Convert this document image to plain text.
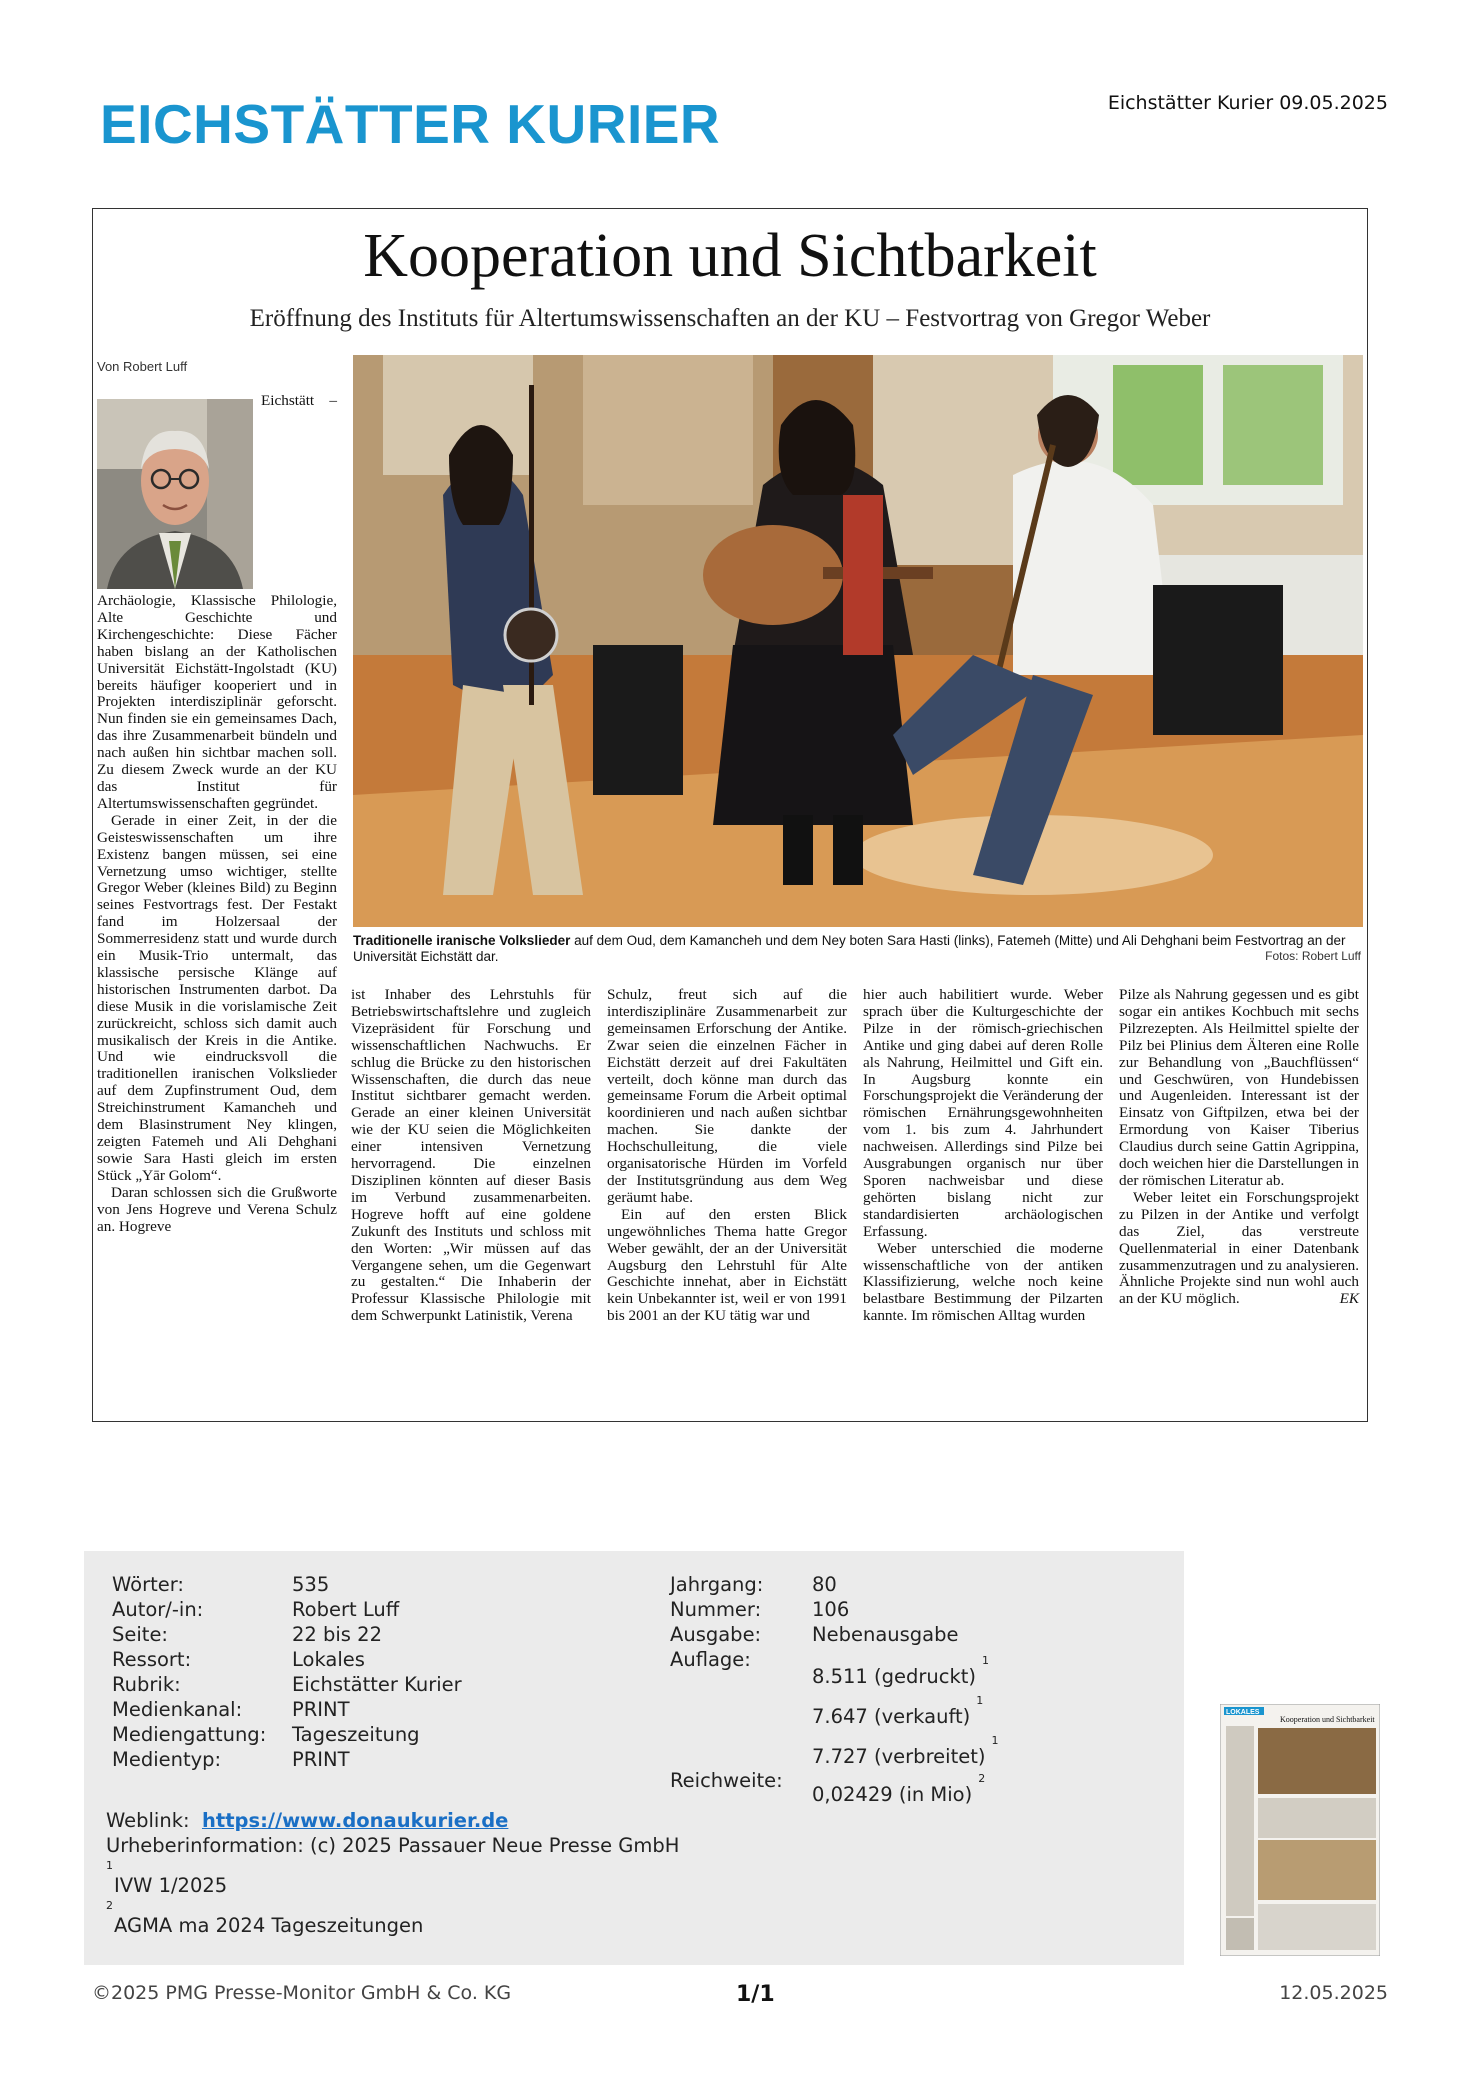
EICHSTÄTTER KURIER	Eichstätter Kurier 09.05.2025
Kooperation und Sichtbarkeit
Eröffnung des Instituts für Altertumswissenschaften an der KU – Festvortrag von Gregor Weber
Von Robert Luff

Eichstätt – Archäologie, Klassische Philologie, Alte Geschichte und Kirchengeschichte: Diese Fächer haben bislang an der Katholischen Universität Eichstätt-Ingolstadt (KU) bereits häufiger kooperiert und in Projekten interdisziplinär geforscht. Nun finden sie ein gemeinsames Dach, das ihre Zusammenarbeit bündeln und nach außen hin sichtbar machen soll. Zu diesem Zweck wurde an der KU das Institut für Altertumswissenschaften gegründet.

Gerade in einer Zeit, in der die Geisteswissenschaften um ihre Existenz bangen müssen, sei eine Vernetzung umso wichtiger, stellte Gregor Weber (kleines Bild) zu Beginn seines Festvortrags fest. Der Festakt fand im Holzersaal der Sommerresidenz statt und wurde durch ein Musik-Trio untermalt, das klassische persische Klänge auf historischen Instrumenten darbot. Da diese Musik in die vorislamische Zeit zurückreicht, schloss sich damit auch musikalisch der Kreis in die Antike. Und wie eindrucksvoll die traditionellen iranischen Volkslieder auf dem Zupfinstrument Oud, dem Streichinstrument Kamancheh und dem Blasinstrument Ney klingen, zeigten Fatemeh und Ali Dehghani sowie Sara Hasti gleich im ersten Stück „Yār Golom“.

Daran schlossen sich die Grußworte von Jens Hogreve und Verena Schulz an. Hogreve

Traditionelle iranische Volkslieder auf dem Oud, dem Kamancheh und dem Ney boten Sara Hasti (links), Fatemeh (Mitte) und Ali Dehghani beim Festvortrag an der Universität Eichstätt dar.	Fotos: Robert Luff

ist Inhaber des Lehrstuhls für Betriebswirtschaftslehre und zugleich Vizepräsident für Forschung und wissenschaftlichen Nachwuchs. Er schlug die Brücke zu den historischen Wissenschaften, die durch das neue Institut sichtbarer gemacht werden. Gerade an einer kleinen Universität wie der KU seien die Möglichkeiten einer intensiven Vernetzung hervorragend. Die einzelnen Disziplinen könnten auf dieser Basis im Verbund zusammenarbeiten. Hogreve hofft auf eine goldene Zukunft des Instituts und schloss mit den Worten: „Wir müssen auf das Vergangene sehen, um die Gegenwart zu gestalten.“ Die Inhaberin der Professur Klassische Philologie mit dem Schwerpunkt Latinistik, Verena

Schulz, freut sich auf die interdisziplinäre Zusammenarbeit zur gemeinsamen Erforschung der Antike. Zwar seien die einzelnen Fächer in Eichstätt derzeit auf drei Fakultäten verteilt, doch könne man durch das gemeinsame Forum die Arbeit optimal koordinieren und nach außen sichtbar machen. Sie dankte der Hochschulleitung, die viele organisatorische Hürden im Vorfeld der Institutsgründung aus dem Weg geräumt habe.

Ein auf den ersten Blick ungewöhnliches Thema hatte Gregor Weber gewählt, der an der Universität Augsburg den Lehrstuhl für Alte Geschichte innehat, aber in Eichstätt kein Unbekannter ist, weil er von 1991 bis 2001 an der KU tätig war und

hier auch habilitiert wurde. Weber sprach über die Kulturgeschichte der Pilze in der römisch-griechischen Antike und ging dabei auf deren Rolle als Nahrung, Heilmittel und Gift ein. In Augsburg konnte ein Forschungsprojekt die Veränderung der römischen Ernährungsgewohnheiten vom 1. bis zum 4. Jahrhundert nachweisen. Allerdings sind Pilze bei Ausgrabungen organisch nur über Sporen nachweisbar und diese gehörten bislang nicht zur standardisierten archäologischen Erfassung.

Weber unterschied die moderne wissenschaftliche von der antiken Klassifizierung, welche noch keine belastbare Bestimmung der Pilzarten kannte. Im römischen Alltag wurden

Pilze als Nahrung gegessen und es gibt sogar ein antikes Kochbuch mit sechs Pilzrezepten. Als Heilmittel spielte der Pilz bei Plinius dem Älteren eine Rolle zur Behandlung von „Bauchflüssen“ und Geschwüren, von Hundebissen und Augenleiden. Interessant ist der Einsatz von Giftpilzen, etwa bei der Ermordung von Kaiser Tiberius Claudius durch seine Gattin Agrippina, doch weichen hier die Darstellungen in der römischen Literatur ab.

Weber leitet ein Forschungsprojekt zu Pilzen in der Antike und verfolgt das Ziel, das verstreute Quellenmaterial in einer Datenbank zusammenzutragen und zu analysieren. Ähnliche Projekte sind nun wohl auch an der KU möglich.	EK

Wörter:	535
Autor/-in:	Robert Luff
Seite:	22 bis 22
Ressort:	Lokales
Rubrik:	Eichstätter Kurier
Medienkanal:	PRINT
Mediengattung: Tageszeitung
Medientyp:	PRINT
Jahrgang: 80
Nummer:	106
Ausgabe:	Nebenausgabe
Auflage:
8.511 (gedruckt)$^1$
7.647 (verkauft)$^1$
7.727 (verbreitet)$^1$
Reichweite:
0,02429 (in Mio)$^2$
Weblink: https://www.donaukurier.de
Urheberinformation: (c) 2025 Passauer Neue Presse GmbH
1
IVW 1/2025
2
AGMA ma 2024 Tageszeitungen
LOKALES
Kooperation und Sichtbarkeit
©2025 PMG Presse-Monitor GmbH & Co. KG	1/1	12.05.2025
